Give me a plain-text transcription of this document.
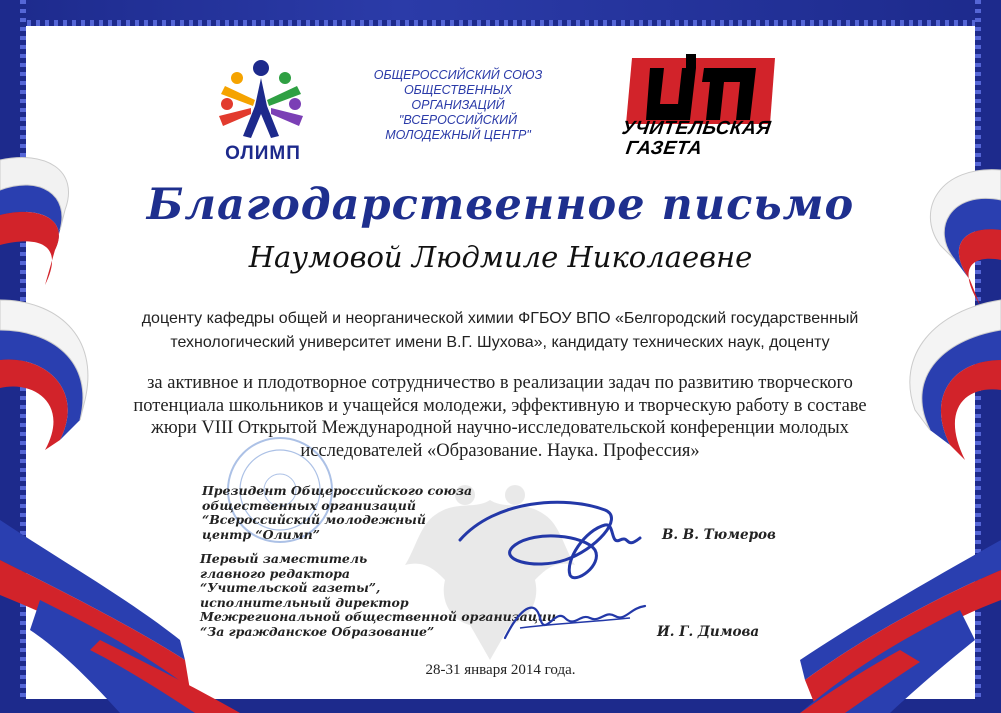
ОЛИМП
ОБЩЕРОССИЙСКИЙ СОЮЗ
ОБЩЕСТВЕННЫХ
ОРГАНИЗАЦИЙ
"ВСЕРОССИЙСКИЙ
МОЛОДЕЖНЫЙ ЦЕНТР"	УЧИТЕЛЬСКАЯ
ГАЗЕТА
Благодарственное письмо
Наумовой Людмиле Николаевне
доценту кафедры общей и неорганической химии ФГБОУ ВПО «Белгородский государственный
технологический университет имени В.Г. Шухова», кандидату технических наук, доценту
за активное и плодотворное сотрудничество в реализации задач по развитию творческого
потенциала школьников и учащейся молодежи, эффективную и творческую работу в составе
жюри VIII Открытой Международной научно-исследовательской конференции молодых
исследователей «Образование. Наука. Профессия»
Президент Общероссийского союза
общественных организаций
“Всероссийский молодежный
центр “Олимп”	В. В. Тюмеров
Первый заместитель
главного редактора
“Учительской газеты”,
исполнительный директор
Межрегиональной общественной организации
“За гражданское Образование”	И. Г. Димова
28-31 января 2014 года.
